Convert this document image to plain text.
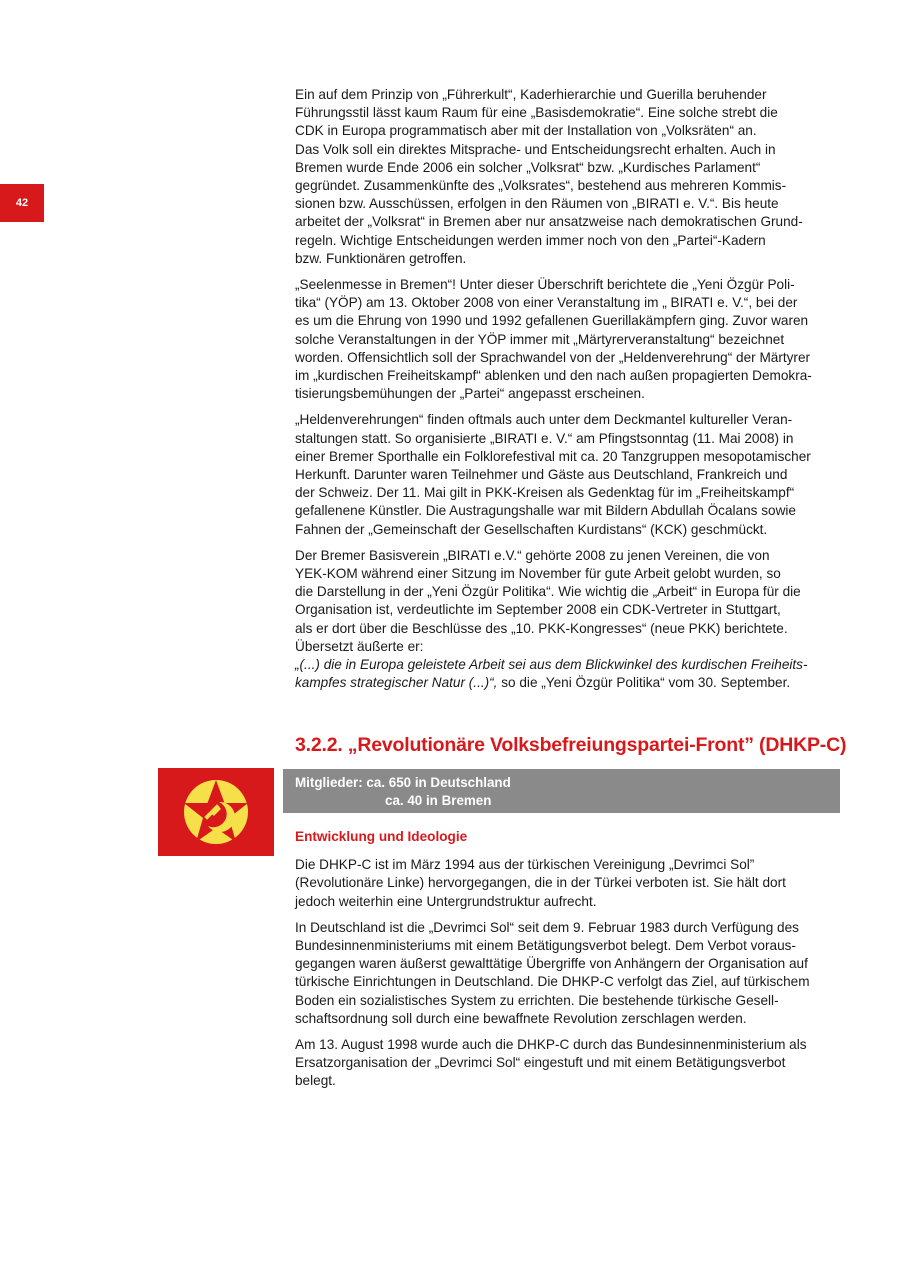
42

Ein auf dem Prinzip von „Führerkult“, Kaderhierarchie und Guerilla beruhender
Führungsstil lässt kaum Raum für eine „Basisdemokratie“. Eine solche strebt die
CDK in Europa programmatisch aber mit der Installation von „Volksräten“ an.
Das Volk soll ein direktes Mitsprache- und Entscheidungsrecht erhalten. Auch in
Bremen wurde Ende 2006 ein solcher „Volksrat“ bzw. „Kurdisches Parlament“
gegründet. Zusammenkünfte des „Volksrates“, bestehend aus mehreren Kommis-
sionen bzw. Ausschüssen, erfolgen in den Räumen von „BIRATI e. V.“. Bis heute
arbeitet der „Volksrat“ in Bremen aber nur ansatzweise nach demokratischen Grund-
regeln. Wichtige Entscheidungen werden immer noch von den „Partei“-Kadern
bzw. Funktionären getroffen.

„Seelenmesse in Bremen“! Unter dieser Überschrift berichtete die „Yeni Özgür Poli-
tika“ (YÖP) am 13. Oktober 2008 von einer Veranstaltung im „ BIRATI e. V.“, bei der
es um die Ehrung von 1990 und 1992 gefallenen Guerillakämpfern ging. Zuvor waren
solche Veranstaltungen in der YÖP immer mit „Märtyrerveranstaltung“ bezeichnet
worden. Offensichtlich soll der Sprachwandel von der „Heldenverehrung“ der Märtyrer
im „kurdischen Freiheitskampf“ ablenken und den nach außen propagierten Demokra-
tisierungsbemühungen der „Partei“ angepasst erscheinen.

„Heldenverehrungen“ finden oftmals auch unter dem Deckmantel kultureller Veran-
staltungen statt. So organisierte „BIRATI e. V.“ am Pfingstsonntag (11. Mai 2008) in
einer Bremer Sporthalle ein Folklorefestival mit ca. 20 Tanzgruppen mesopotamischer
Herkunft. Darunter waren Teilnehmer und Gäste aus Deutschland, Frankreich und
der Schweiz. Der 11. Mai gilt in PKK-Kreisen als Gedenktag für im „Freiheitskampf“
gefallenene Künstler. Die Austragungshalle war mit Bildern Abdullah Öcalans sowie
Fahnen der „Gemeinschaft der Gesellschaften Kurdistans“ (KCK) geschmückt.

Der Bremer Basisverein „BIRATI e.V.“ gehörte 2008 zu jenen Vereinen, die von
YEK-KOM während einer Sitzung im November für gute Arbeit gelobt wurden, so
die Darstellung in der „Yeni Özgür Politika“. Wie wichtig die „Arbeit“ in Europa für die
Organisation ist, verdeutlichte im September 2008 ein CDK-Vertreter in Stuttgart,
als er dort über die Beschlüsse des „10. PKK-Kongresses“ (neue PKK) berichtete.
Übersetzt äußerte er:
„(...) die in Europa geleistete Arbeit sei aus dem Blickwinkel des kurdischen Freiheits-
kampfes strategischer Natur (...)“, so die „Yeni Özgür Politika“ vom 30. September.

3.2.2. „Revolutionäre Volksbefreiungspartei-Front” (DHKP-C)
Mitglieder: ca. 650 in Deutschland
ca. 40 in Bremen
Entwicklung und Ideologie

Die DHKP-C ist im März 1994 aus der türkischen Vereinigung „Devrimci Sol”
(Revolutionäre Linke) hervorgegangen, die in der Türkei verboten ist. Sie hält dort
jedoch weiterhin eine Untergrundstruktur aufrecht.

In Deutschland ist die „Devrimci Sol“ seit dem 9. Februar 1983 durch Verfügung des
Bundesinnenministeriums mit einem Betätigungsverbot belegt. Dem Verbot voraus-
gegangen waren äußerst gewalttätige Übergriffe von Anhängern der Organisation auf
türkische Einrichtungen in Deutschland. Die DHKP-C verfolgt das Ziel, auf türkischem
Boden ein sozialistisches System zu errichten. Die bestehende türkische Gesell-
schaftsordnung soll durch eine bewaffnete Revolution zerschlagen werden.

Am 13. August 1998 wurde auch die DHKP-C durch das Bundesinnenministerium als
Ersatzorganisation der „Devrimci Sol“ eingestuft und mit einem Betätigungsverbot
belegt.
